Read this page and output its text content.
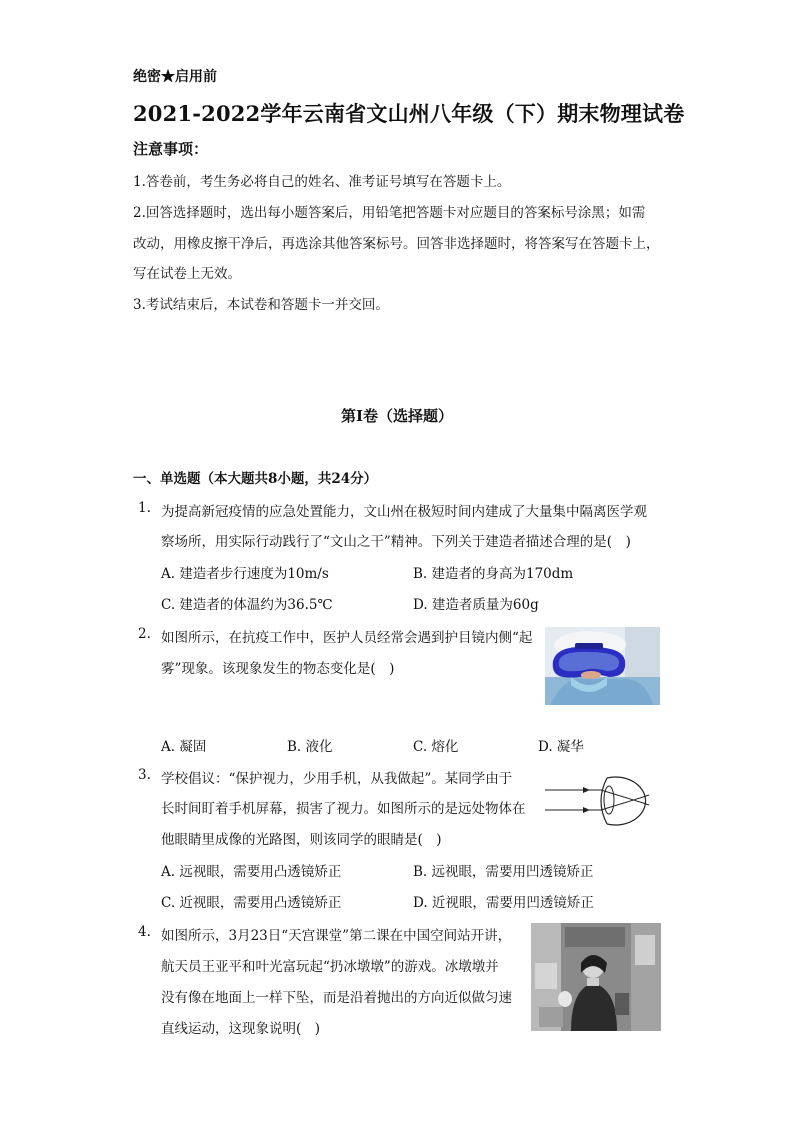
绝密★启用前
2021-2022学年云南省文山州八年级（下）期末物理试卷
注意事项：
1.答卷前，考生务必将自己的姓名、准考证号填写在答题卡上。
2.回答选择题时，选出每小题答案后，用铅笔把答题卡对应题目的答案标号涂黑；如需
改动，用橡皮擦干净后，再选涂其他答案标号。回答非选择题时，将答案写在答题卡上，
写在试卷上无效。
3.考试结束后，本试卷和答题卡一并交回。
第I卷（选择题）
一、单选题（本大题共8小题，共24分）
1. 为提高新冠疫情的应急处置能力，文山州在极短时间内建成了大量集中隔离医学观
察场所，用实际行动践行了“文山之干”精神。下列关于建造者描述合理的是(　)
A. 建造者步行速度为10m/s	B. 建造者的身高为170dm
C. 建造者的体温约为36.5℃	D. 建造者质量为60g
2. 如图所示，在抗疫工作中，医护人员经常会遇到护目镜内侧“起
雾”现象。该现象发生的物态变化是(　)
A. 凝固	B. 液化	C. 熔化	D. 凝华
3. 学校倡议：“保护视力，少用手机，从我做起”。某同学由于
长时间盯着手机屏幕，损害了视力。如图所示的是远处物体在
他眼睛里成像的光路图，则该同学的眼睛是(　)
A. 远视眼，需要用凸透镜矫正	B. 远视眼，需要用凹透镜矫正
C. 近视眼，需要用凸透镜矫正	D. 近视眼，需要用凹透镜矫正
4. 如图所示，3月23日“天宫课堂”第二课在中国空间站开讲，
航天员王亚平和叶光富玩起“扔冰墩墩”的游戏。冰墩墩并
没有像在地面上一样下坠，而是沿着抛出的方向近似做匀速
直线运动，这现象说明(　)
